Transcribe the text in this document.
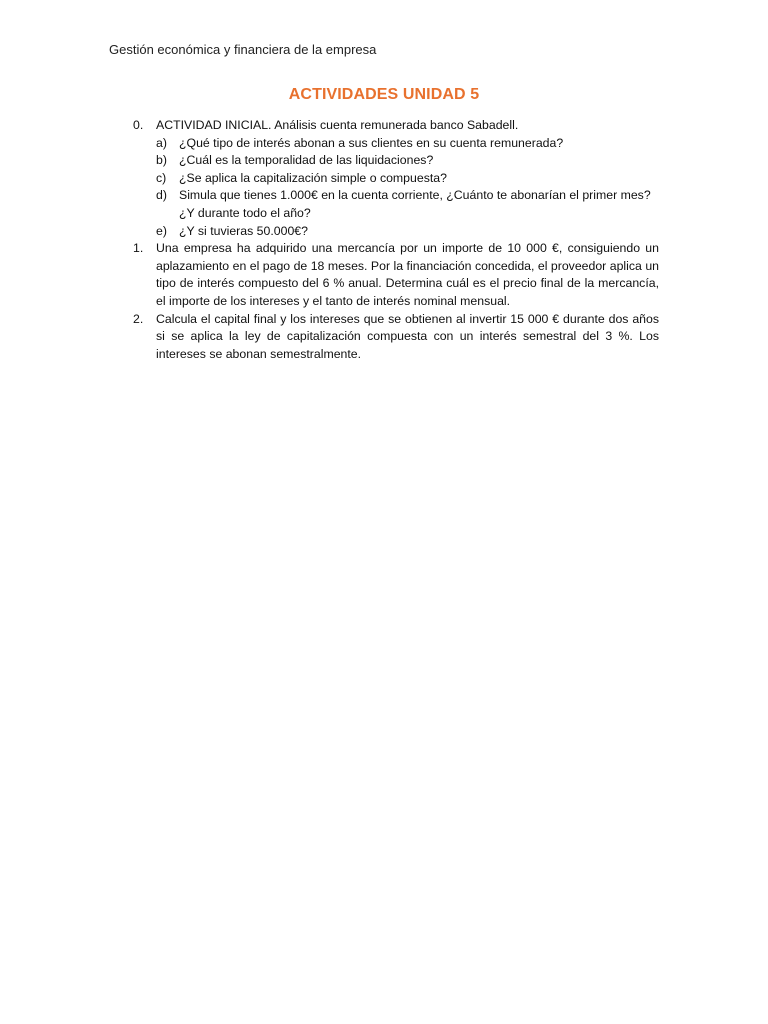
Gestión económica y financiera de la empresa
ACTIVIDADES UNIDAD 5
0. ACTIVIDAD INICIAL. Análisis cuenta remunerada banco Sabadell.
a) ¿Qué tipo de interés abonan a sus clientes en su cuenta remunerada?
b) ¿Cuál es la temporalidad de las liquidaciones?
c) ¿Se aplica la capitalización simple o compuesta?
d) Simula que tienes 1.000€ en la cuenta corriente, ¿Cuánto te abonarían el primer mes? ¿Y durante todo el año?
e) ¿Y si tuvieras 50.000€?
1. Una empresa ha adquirido una mercancía por un importe de 10 000 €, consiguiendo un aplazamiento en el pago de 18 meses. Por la financiación concedida, el proveedor aplica un tipo de interés compuesto del 6 % anual. Determina cuál es el precio final de la mercancía, el importe de los intereses y el tanto de interés nominal mensual.
2. Calcula el capital final y los intereses que se obtienen al invertir 15 000 € durante dos años si se aplica la ley de capitalización compuesta con un interés semestral del 3 %. Los intereses se abonan semestralmente.
